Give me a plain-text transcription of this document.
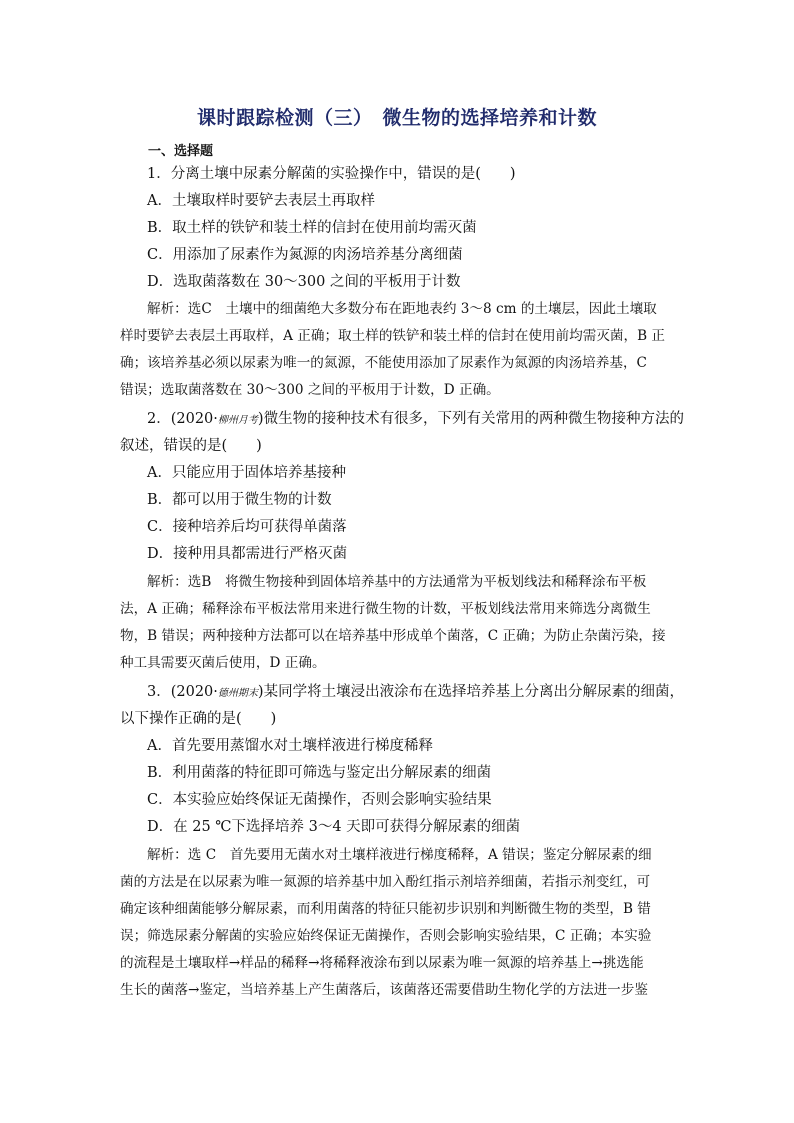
课时跟踪检测（三）　微生物的选择培养和计数
一、选择题
1．分离土壤中尿素分解菌的实验操作中，错误的是(　　)
A．土壤取样时要铲去表层土再取样
B．取土样的铁铲和装土样的信封在使用前均需灭菌
C．用添加了尿素作为氮源的肉汤培养基分离细菌
D．选取菌落数在 30～300 之间的平板用于计数
解析：选C　土壤中的细菌绝大多数分布在距地表约 3～8 cm 的土壤层，因此土壤取
样时要铲去表层土再取样，A 正确；取土样的铁铲和装土样的信封在使用前均需灭菌，B 正
确；该培养基必须以尿素为唯一的氮源，不能使用添加了尿素作为氮源的肉汤培养基，C
错误；选取菌落数在 30～300 之间的平板用于计数，D 正确。
2．(2020·柳州月考)微生物的接种技术有很多，下列有关常用的两种微生物接种方法的
叙述，错误的是(　　)
A．只能应用于固体培养基接种
B．都可以用于微生物的计数
C．接种培养后均可获得单菌落
D．接种用具都需进行严格灭菌
解析：选B　将微生物接种到固体培养基中的方法通常为平板划线法和稀释涂布平板
法，A 正确；稀释涂布平板法常用来进行微生物的计数，平板划线法常用来筛选分离微生
物，B 错误；两种接种方法都可以在培养基中形成单个菌落，C 正确；为防止杂菌污染，接
种工具需要灭菌后使用，D 正确。
3．(2020·德州期末)某同学将土壤浸出液涂布在选择培养基上分离出分解尿素的细菌，
以下操作正确的是(　　)
A．首先要用蒸馏水对土壤样液进行梯度稀释
B．利用菌落的特征即可筛选与鉴定出分解尿素的细菌
C．本实验应始终保证无菌操作，否则会影响实验结果
D．在 25 ℃下选择培养 3～4 天即可获得分解尿素的细菌
解析：选 C　首先要用无菌水对土壤样液进行梯度稀释，A 错误；鉴定分解尿素的细
菌的方法是在以尿素为唯一氮源的培养基中加入酚红指示剂培养细菌，若指示剂变红，可
确定该种细菌能够分解尿素，而利用菌落的特征只能初步识别和判断微生物的类型，B 错
误；筛选尿素分解菌的实验应始终保证无菌操作，否则会影响实验结果，C 正确；本实验
的流程是土壤取样→样品的稀释→将稀释液涂布到以尿素为唯一氮源的培养基上→挑选能
生长的菌落→鉴定，当培养基上产生菌落后，该菌落还需要借助生物化学的方法进一步鉴
